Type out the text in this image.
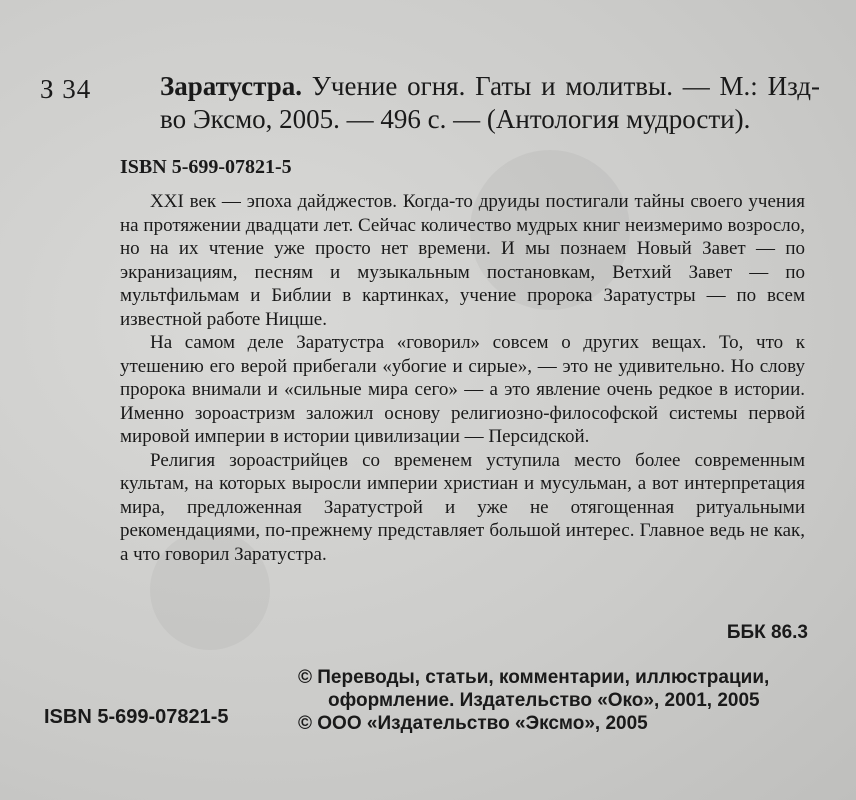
З 34	Заратустра. Учение огня. Гаты и молитвы. — М.: Изд-во Эксмо, 2005. — 496 с. — (Антология мудрости).
ISBN 5-699-07821-5

XXI век — эпоха дайджестов. Когда-то друиды постигали тайны своего учения на протяжении двадцати лет. Сейчас количество мудрых книг неизмеримо возросло, но на их чтение уже просто нет времени. И мы познаем Новый Завет — по экранизациям, песням и музыкальным постановкам, Ветхий Завет — по мультфильмам и Библии в картинках, учение пророка Заратустры — по всем известной работе Ницше.

На самом деле Заратустра «говорил» совсем о других вещах. То, что к утешению его верой прибегали «убогие и сирые», — это не удивительно. Но слову пророка внимали и «сильные мира сего» — а это явление очень редкое в истории. Именно зороастризм заложил основу религиозно-философской системы первой мировой империи в истории цивилизации — Персидской.

Религия зороастрийцев со временем уступила место более современным культам, на которых выросли империи христиан и мусульман, а вот интерпретация мира, предложенная Заратустрой и уже не отягощенная ритуальными рекомендациями, по-прежнему представляет большой интерес. Главное ведь не как, а что говорил Заратустра.

ББК 86.3
ISBN 5-699-07821-5
© Переводы, статьи, комментарии, иллюстрации,
оформление. Издательство «Око», 2001, 2005
© ООО «Издательство «Эксмо», 2005
